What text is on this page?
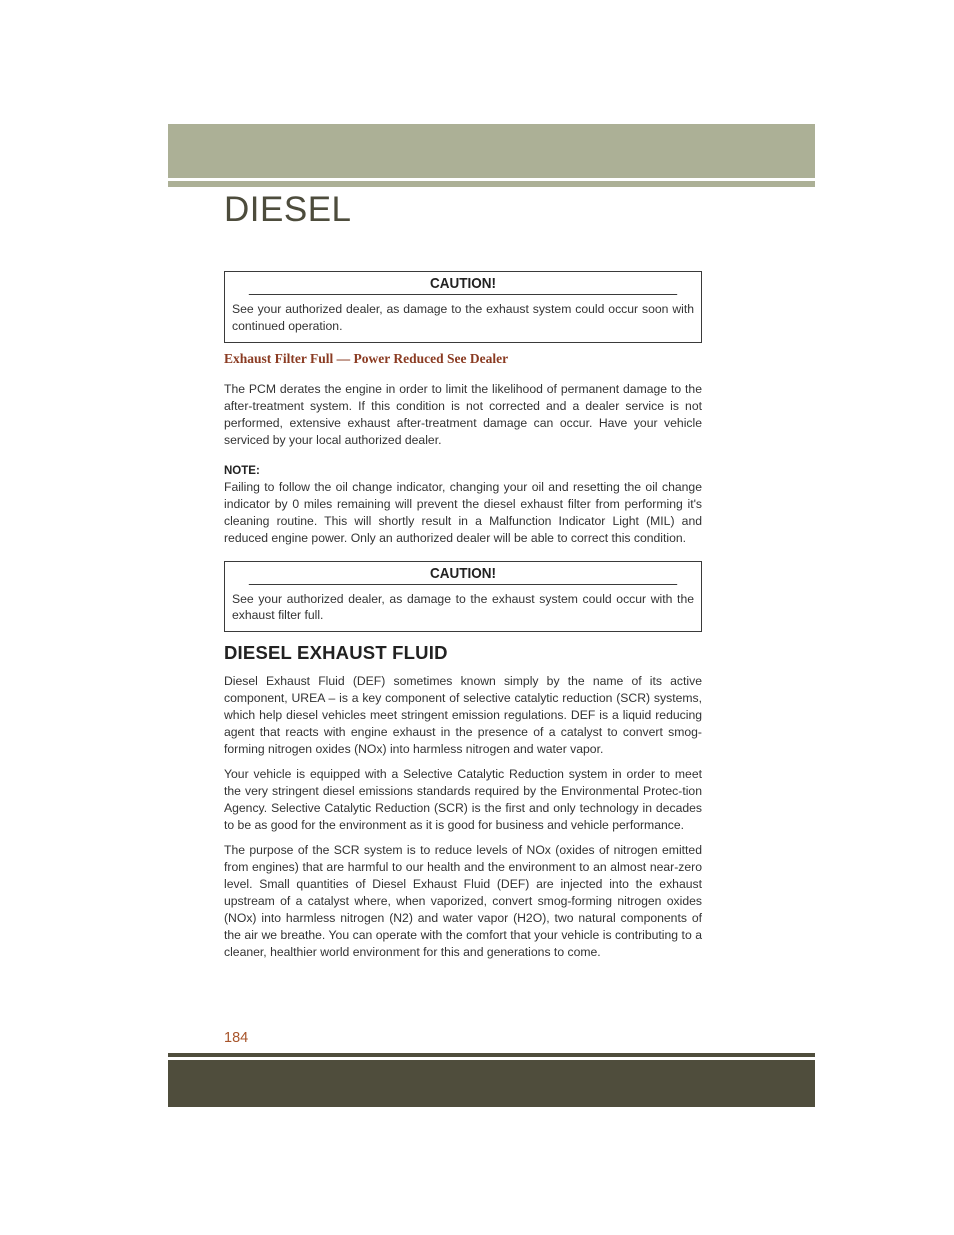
DIESEL
CAUTION!
See your authorized dealer, as damage to the exhaust system could occur soon with continued operation.
Exhaust Filter Full — Power Reduced See Dealer

The PCM derates the engine in order to limit the likelihood of permanent damage to the after-treatment system. If this condition is not corrected and a dealer service is not performed, extensive exhaust after-treatment damage can occur. Have your vehicle serviced by your local authorized dealer.

NOTE:

Failing to follow the oil change indicator, changing your oil and resetting the oil change indicator by 0 miles remaining will prevent the diesel exhaust filter from performing it's cleaning routine. This will shortly result in a Malfunction Indicator Light (MIL) and reduced engine power. Only an authorized dealer will be able to correct this condition.

CAUTION!
See your authorized dealer, as damage to the exhaust system could occur with the exhaust filter full.
DIESEL EXHAUST FLUID

Diesel Exhaust Fluid (DEF) sometimes known simply by the name of its active component, UREA – is a key component of selective catalytic reduction (SCR) systems, which help diesel vehicles meet stringent emission regulations. DEF is a liquid reducing agent that reacts with engine exhaust in the presence of a catalyst to convert smog-forming nitrogen oxides (NOx) into harmless nitrogen and water vapor.

Your vehicle is equipped with a Selective Catalytic Reduction system in order to meet the very stringent diesel emissions standards required by the Environmental Protec-tion Agency. Selective Catalytic Reduction (SCR) is the first and only technology in decades to be as good for the environment as it is good for business and vehicle performance.

The purpose of the SCR system is to reduce levels of NOx (oxides of nitrogen emitted from engines) that are harmful to our health and the environment to an almost near-zero level. Small quantities of Diesel Exhaust Fluid (DEF) are injected into the exhaust upstream of a catalyst where, when vaporized, convert smog-forming nitrogen oxides (NOx) into harmless nitrogen (N2) and water vapor (H2O), two natural components of the air we breathe. You can operate with the comfort that your vehicle is contributing to a cleaner, healthier world environment for this and generations to come.

184
